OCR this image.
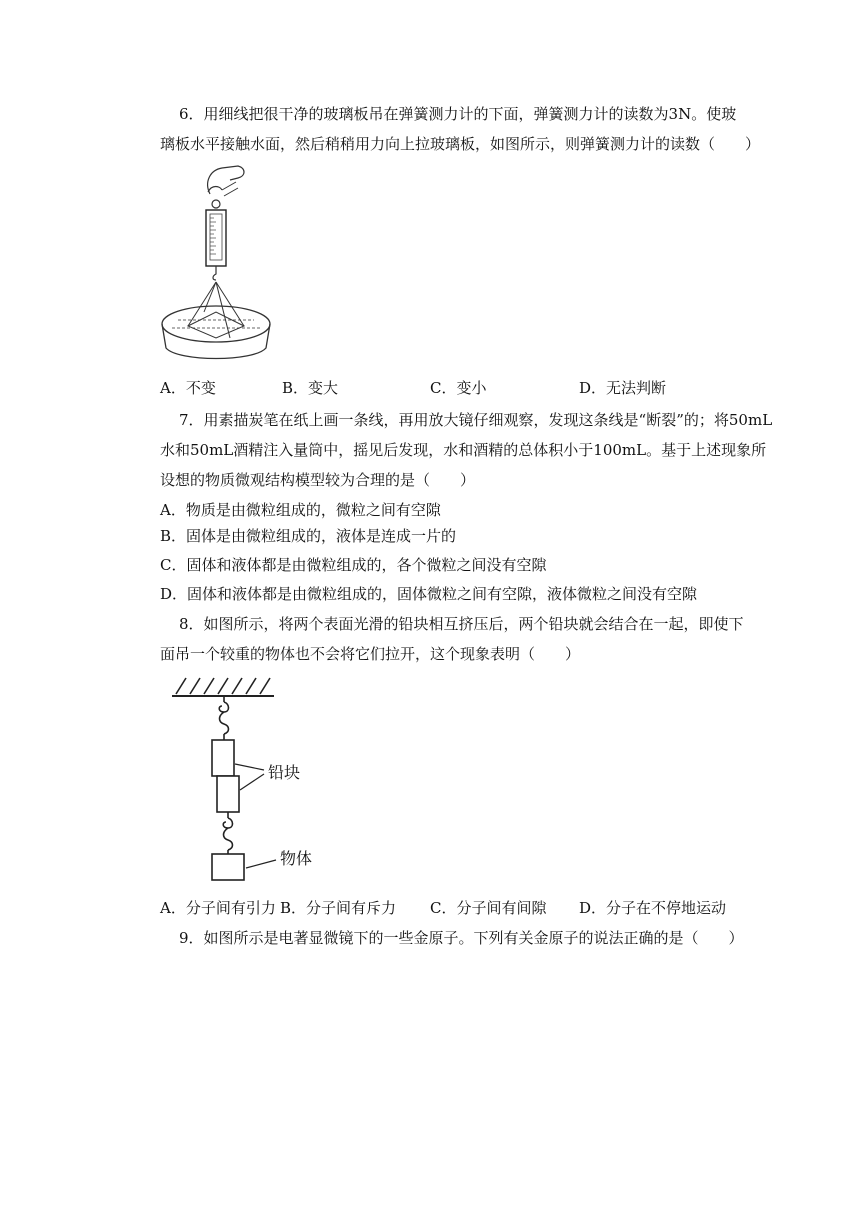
6．用细线把很干净的玻璃板吊在弹簧测力计的下面，弹簧测力计的读数为3N。使玻
璃板水平接触水面，然后稍稍用力向上拉玻璃板，如图所示，则弹簧测力计的读数（　　）
A．不变	B．变大	C．变小	D．无法判断
7．用素描炭笔在纸上画一条线，再用放大镜仔细观察，发现这条线是“断裂”的；将50mL
水和50mL酒精注入量筒中，摇见后发现，水和酒精的总体积小于100mL。基于上述现象所
设想的物质微观结构模型较为合理的是（　　）
A．物质是由微粒组成的，微粒之间有空隙
B．固体是由微粒组成的，液体是连成一片的
C．固体和液体都是由微粒组成的，各个微粒之间没有空隙
D．固体和液体都是由微粒组成的，固体微粒之间有空隙，液体微粒之间没有空隙
8．如图所示，将两个表面光滑的铅块相互挤压后，两个铅块就会结合在一起，即使下
面吊一个较重的物体也不会将它们拉开，这个现象表明（　　）
铅块
物体
A．分子间有引力 B．分子间有斥力 C．分子间有间隙 D．分子在不停地运动
9．如图所示是电著显微镜下的一些金原子。下列有关金原子的说法正确的是（　　）
